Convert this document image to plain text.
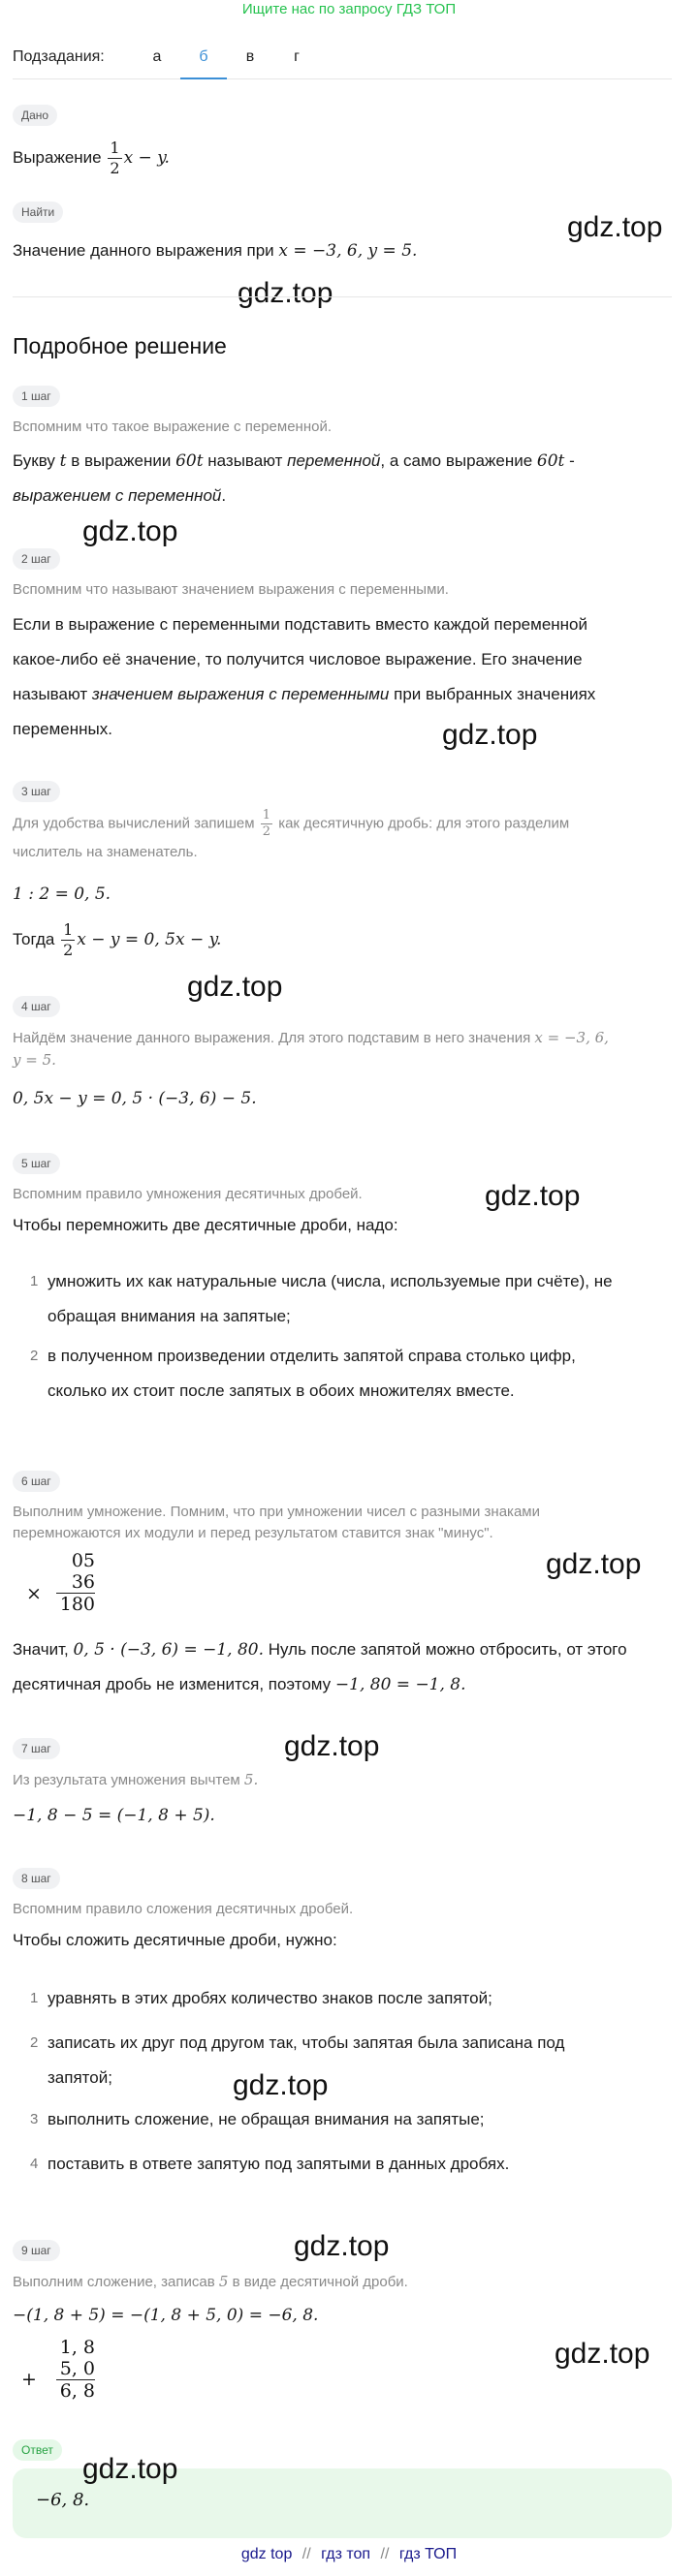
Ищите нас по запросу ГДЗ ТОП
Подзадания:	а	б	в	г
Дано
Выражение $\frac{1}{2}$ x − y.
Найти
Значение данного выражения при x = −3, 6, y = 5.
gdz.top
gdz.top
Подробное решение
1 шаг
Вспомним что такое выражение с переменной.
Букву t в выражении 60t называют переменной, а само выражение 60t -
выражением с переменной.
gdz.top
2 шаг
Вспомним что называют значением выражения с переменными.
Если в выражение с переменными подставить вместо каждой переменной
какое-либо её значение, то получится числовое выражение. Его значение
называют значением выражения с переменными при выбранных значениях
переменных.	gdz.top
3 шаг
Для удобства вычислений запишем $\frac{1}{2}$ как десятичную дробь: для этого разделим
числитель на знаменатель.
1 : 2 = 0, 5.
Тогда $\frac{1}{2}$ x − y = 0, 5x − y.
gdz.top
4 шаг
Найдём значение данного выражения. Для этого подставим в него значения x = −3, 6,
y = 5.
0, 5x − y = 0, 5 · (−3, 6) − 5.
5 шаг
Вспомним правило умножения десятичных дробей.	gdz.top
Чтобы перемножить две десятичные дроби, надо:
1 умножить их как натуральные числа (числа, используемые при счёте), не
обращая внимания на запятые;
2 в полученном произведении отделить запятой справа столько цифр,
сколько их стоит после запятых в обоих множителях вместе.
6 шаг
Выполним умножение. Помним, что при умножении чисел с разными знаками
перемножаются их модули и перед результатом ставится знак "минус".
×
05
36
180
gdz.top
Значит, 0, 5 · (−3, 6) = −1, 80. Нуль после запятой можно отбросить, от этого
десятичная дробь не изменится, поэтому −1, 80 = −1, 8.
gdz.top
7 шаг
Из результата умножения вычтем 5.
−1, 8 − 5 = (−1, 8 + 5).
8 шаг
Вспомним правило сложения десятичных дробей.
Чтобы сложить десятичные дроби, нужно:
1 уравнять в этих дробях количество знаков после запятой;
2 записать их друг под другом так, чтобы запятая была записана под
запятой;	gdz.top
3 выполнить сложение, не обращая внимания на запятые;
4 поставить в ответе запятую под запятыми в данных дробях.
gdz.top
9 шаг
Выполним сложение, записав 5 в виде десятичной дроби.
−(1, 8 + 5) = −(1, 8 + 5, 0) = −6, 8.
+
1, 8
5, 0
6, 8
gdz.top
Ответ
gdz.top
−6, 8.
gdz top // гдз топ // гдз ТОП
